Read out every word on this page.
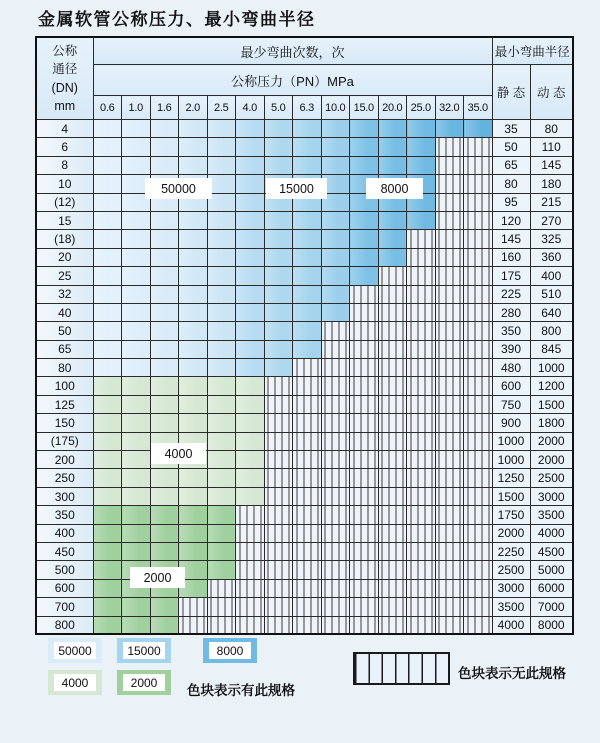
金属软管公称压力、最小弯曲半径
公称
通径
(DN)
mm	最少弯曲次数，次														最小弯曲半径	
	公称压力（PN）MPa														静 态	动 态
	0.6	1.0	1.6	2.0	2.5	4.0	5.0	6.3	10.0	15.0	20.0	25.0	32.0	35.0		
4															35	80
6															50	110
8															65	145
10															80	180
(12)															95	215
15															120	270
(18)															145	325
20															160	360
25															175	400
32															225	510
40															280	640
50															350	800
65															390	845
80															480	1000
100															600	1200
125															750	1500
150															900	1800
(175)															1000	2000
200															1000	2000
250															1250	2500
300															1500	3000
350															1750	3500
400															2000	4000
450															2250	4500
500															2500	5000
600															3000	6000
700															3500	7000
800															4000	8000
色块表示有此规格
色块表示无此规格
50000	15000	8000
4000	2000
50000	15000	8000
4000
2000
